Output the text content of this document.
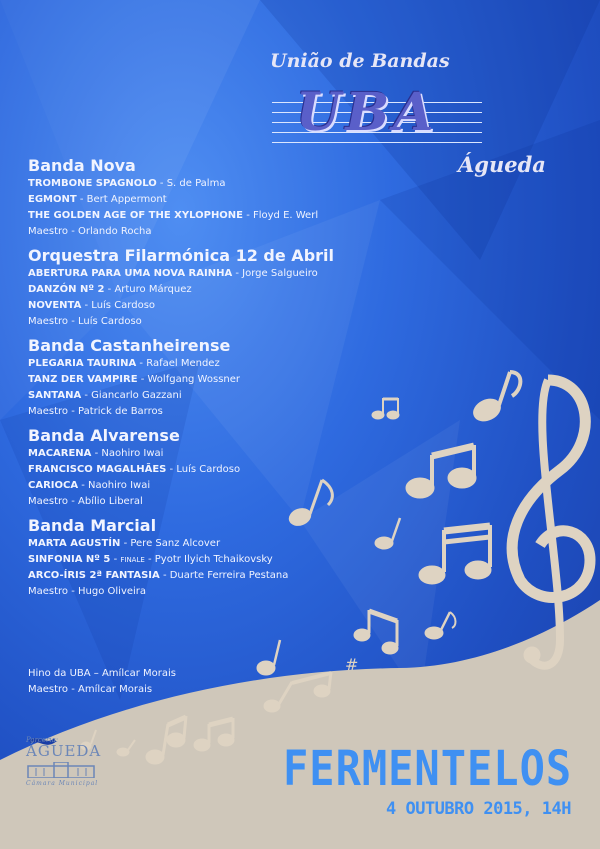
União de Bandas
UBA
Águeda
Banda Nova
TROMBONE SPAGNOLO - S. de Palma
EGMONT - Bert Appermont
THE GOLDEN AGE OF THE XYLOPHONE - Floyd E. Werl
Maestro - Orlando Rocha
Orquestra Filarmónica 12 de Abril
ABERTURA PARA UMA NOVA RAINHA - Jorge Salgueiro
DANZÓN Nº 2 - Arturo Márquez
NOVENTA - Luís Cardoso
Maestro - Luís Cardoso
Banda Castanheirense
PLEGARIA TAURINA - Rafael Mendez
TANZ DER VAMPIRE - Wolfgang Wossner
SANTANA - Giancarlo Gazzani
Maestro - Patrick de Barros
Banda Alvarense
MACARENA - Naohiro Iwai
FRANCISCO MAGALHÃES - Luís Cardoso
CARIOCA - Naohiro Iwai
Maestro - Abílio Liberal
Banda Marcial
MARTA AGUSTÍN - Pere Sanz Alcover
SINFONIA Nº 5 - FINALE - Pyotr Ilyich Tchaikovsky
ARCO-ÍRIS 2ª FANTASIA - Duarte Ferreira Pestana
Maestro - Hugo Oliveira
Hino da UBA – Amílcar Morais
Maestro - Amílcar Morais
#
Parceria:
ÁGUEDA
Câmara Municipal	FERMENTELOS
4 OUTUBRO 2015, 14H
